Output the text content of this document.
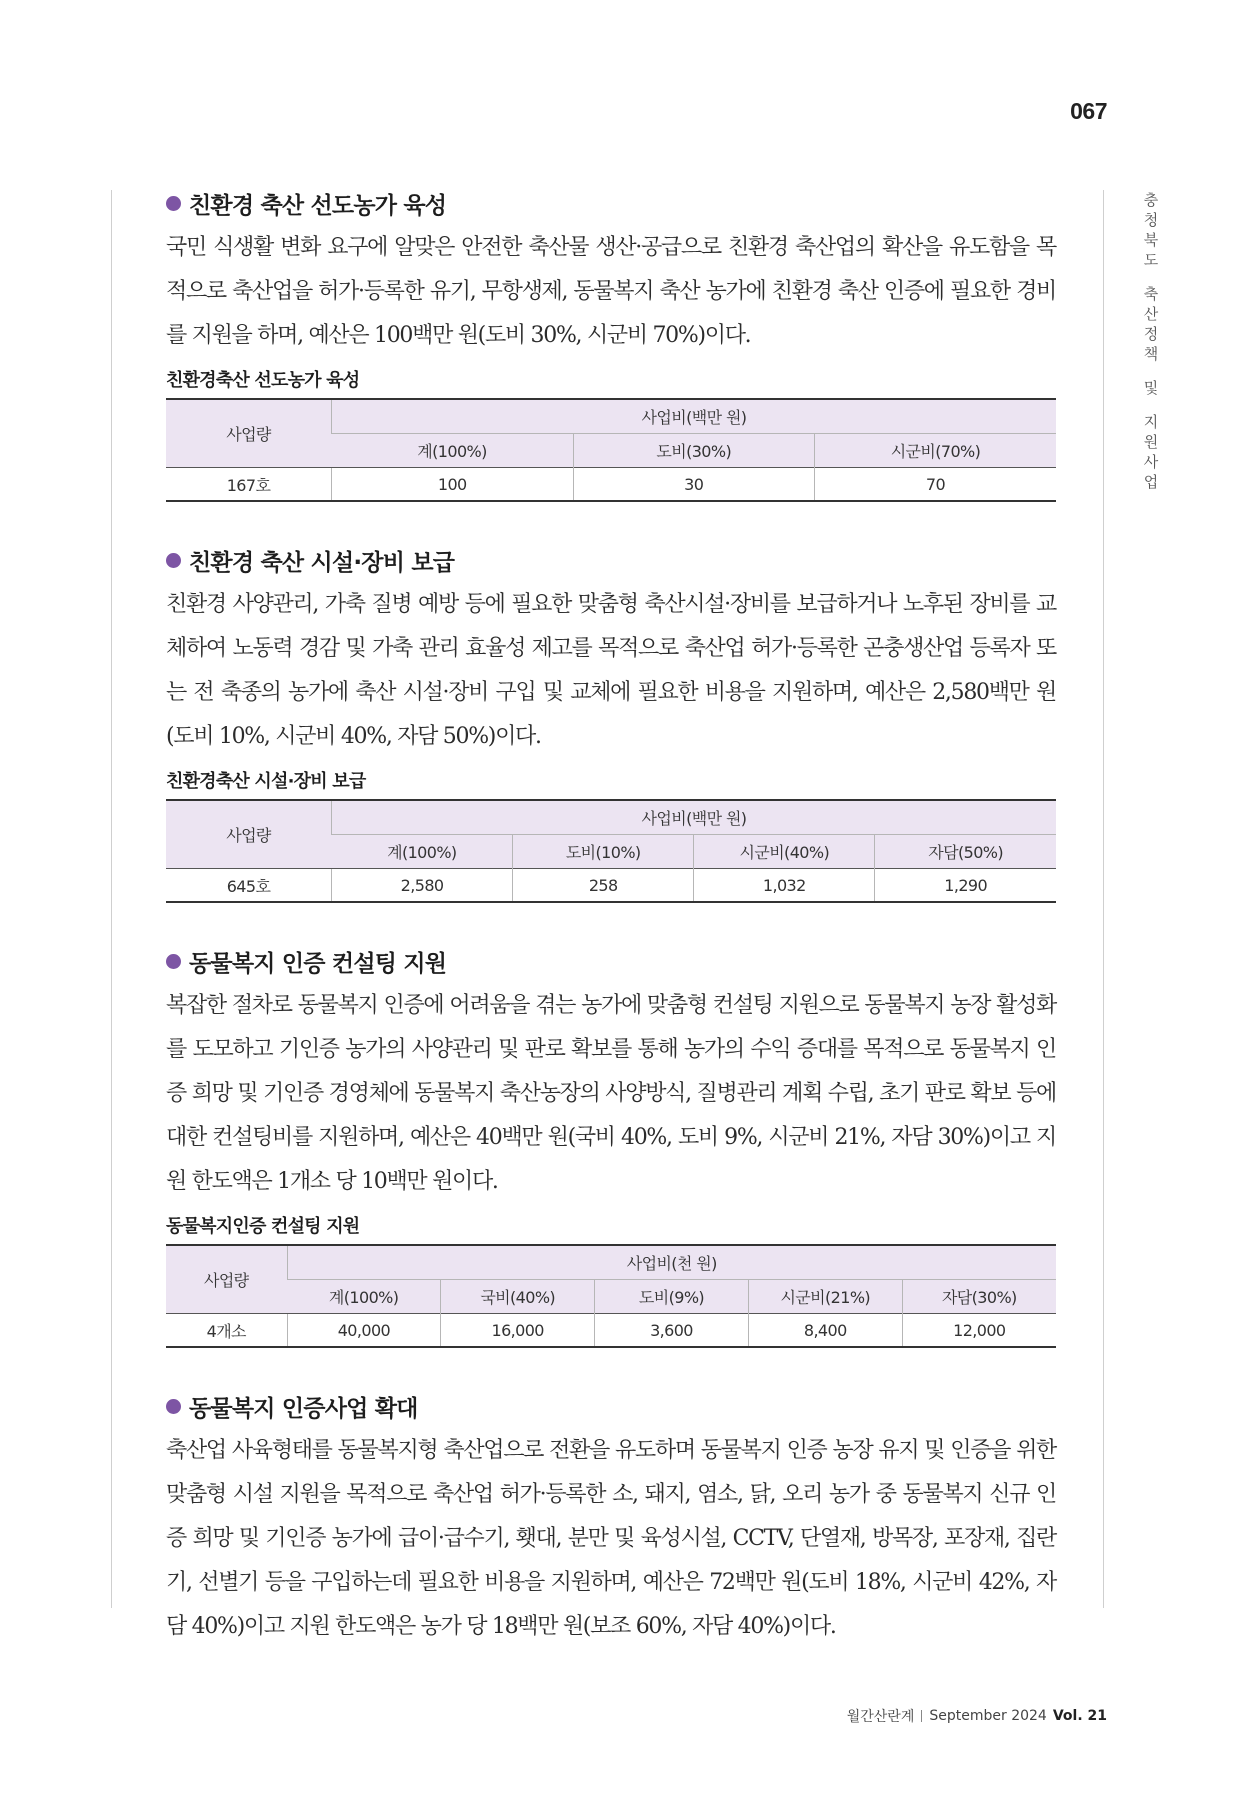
067
충
청
북
도

축
산
정
책

및

지
원
사
업
친환경 축산 선도농가 육성

국민 식생활 변화 요구에 알맞은 안전한 축산물 생산·공급으로 친환경 축산업의 확산을 유도함을 목적으로 축산업을 허가·등록한 유기, 무항생제, 동물복지 축산 농가에 친환경 축산 인증에 필요한 경비를 지원을 하며, 예산은 100백만 원(도비 30%, 시군비 70%)이다.

친환경축산 선도농가 육성
사업량	사업비(백만 원)		
	계(100%)	도비(30%)	시군비(70%)
167호	100	30	70
친환경 축산 시설·장비 보급

친환경 사양관리, 가축 질병 예방 등에 필요한 맞춤형 축산시설·장비를 보급하거나 노후된 장비를 교체하여 노동력 경감 및 가축 관리 효율성 제고를 목적으로 축산업 허가·등록한 곤충생산업 등록자 또는 전 축종의 농가에 축산 시설·장비 구입 및 교체에 필요한 비용을 지원하며, 예산은 2,580백만 원(도비 10%, 시군비 40%, 자담 50%)이다.

친환경축산 시설·장비 보급
사업량	사업비(백만 원)			
	계(100%)	도비(10%)	시군비(40%)	자담(50%)
645호	2,580	258	1,032	1,290
동물복지 인증 컨설팅 지원

복잡한 절차로 동물복지 인증에 어려움을 겪는 농가에 맞춤형 컨설팅 지원으로 동물복지 농장 활성화를 도모하고 기인증 농가의 사양관리 및 판로 확보를 통해 농가의 수익 증대를 목적으로 동물복지 인증 희망 및 기인증 경영체에 동물복지 축산농장의 사양방식, 질병관리 계획 수립, 초기 판로 확보 등에 대한 컨설팅비를 지원하며, 예산은 40백만 원(국비 40%, 도비 9%, 시군비 21%, 자담 30%)이고 지원 한도액은 1개소 당 10백만 원이다.

동물복지인증 컨설팅 지원
사업량	사업비(천 원)				
	계(100%)	국비(40%)	도비(9%)	시군비(21%)	자담(30%)
4개소	40,000	16,000	3,600	8,400	12,000
동물복지 인증사업 확대

축산업 사육형태를 동물복지형 축산업으로 전환을 유도하며 동물복지 인증 농장 유지 및 인증을 위한 맞춤형 시설 지원을 목적으로 축산업 허가·등록한 소, 돼지, 염소, 닭, 오리 농가 중 동물복지 신규 인증 희망 및 기인증 농가에 급이·급수기, 횃대, 분만 및 육성시설, CCTV, 단열재, 방목장, 포장재, 집란기, 선별기 등을 구입하는데 필요한 비용을 지원하며, 예산은 72백만 원(도비 18%, 시군비 42%, 자담 40%)이고 지원 한도액은 농가 당 18백만 원(보조 60%, 자담 40%)이다.

월간산란계 September 2024 Vol. 21
